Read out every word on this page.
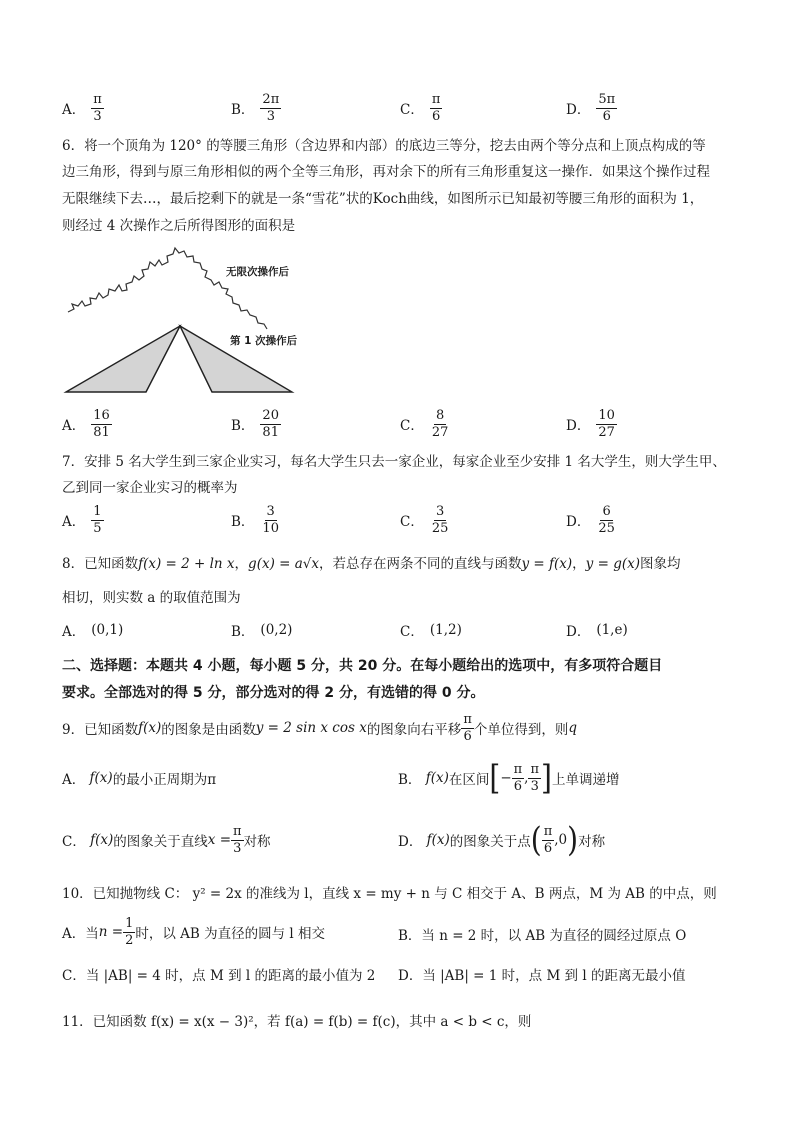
A． $\frac{\pi}{3}$	B． $\frac{2\pi}{3}$	C． $\frac{\pi}{6}$	D． $\frac{5\pi}{6}$
6．将一个顶角为 120° 的等腰三角形（含边界和内部）的底边三等分，挖去由两个等分点和上顶点构成的等
边三角形，得到与原三角形相似的两个全等三角形，再对余下的所有三角形重复这一操作．如果这个操作过程
无限继续下去…，最后挖剩下的就是一条“雪花”状的Koch曲线，如图所示已知最初等腰三角形的面积为 1，
则经过 4 次操作之后所得图形的面积是
无限次操作后
第 1 次操作后
A． $\frac{16}{81}$	B． $\frac{20}{81}$	C． $\frac{8}{27}$	D． $\frac{10}{27}$
7．安排 5 名大学生到三家企业实习，每名大学生只去一家企业，每家企业至少安排 1 名大学生，则大学生甲、
乙到同一家企业实习的概率为
A． $\frac{1}{5}$	B． $\frac{3}{10}$	C． $\frac{3}{25}$	D． $\frac{6}{25}$
8．已知函数f(x) = 2 + ln x，g(x) = a√x，若总存在两条不同的直线与函数y = f(x)，y = g(x)图象均
相切，则实数 a 的取值范围为
A． (0,1)	B． (0,2)	C． (1,2)	D． (1,e)
二、选择题：本题共 4 小题，每小题 5 分，共 20 分。在每小题给出的选项中，有多项符合题目
要求。全部选对的得 5 分，部分选对的得 2 分，有选错的得 0 分。
9．已知函数 f(x) 的图象是由函数 y = 2 sin x cos x 的图象向右平移 $\frac{\pi}{6}$ 个单位得到，则 q
A．
f(x) 的最小正周期为π	B．
f(x) 在区间 [ − $\frac{\pi}{6}$ , $\frac{\pi}{3}$ ] 上单调递增
C．
f(x) 的图象关于直线 $x = \frac{\pi}{3}$ 对称	D．
f(x) 的图象关于点 ( $\frac{\pi}{6} ,0$ ) 对称
10．已知抛物线 C： y² = 2x 的准线为 l，直线 x = my + n 与 C 相交于 A、B 两点，M 为 AB 的中点，则
A．当 $n = \frac{1}{2}$ 时，以 AB 为直径的圆与 l 相交	B．当 n = 2 时，以 AB 为直径的圆经过原点 O
C．当 |AB| = 4 时，点 M 到 l 的距离的最小值为 2 D．当 |AB| = 1 时，点 M 到 l 的距离无最小值
11．已知函数 f(x) = x(x − 3)²，若 f(a) = f(b) = f(c)，其中 a < b < c，则
